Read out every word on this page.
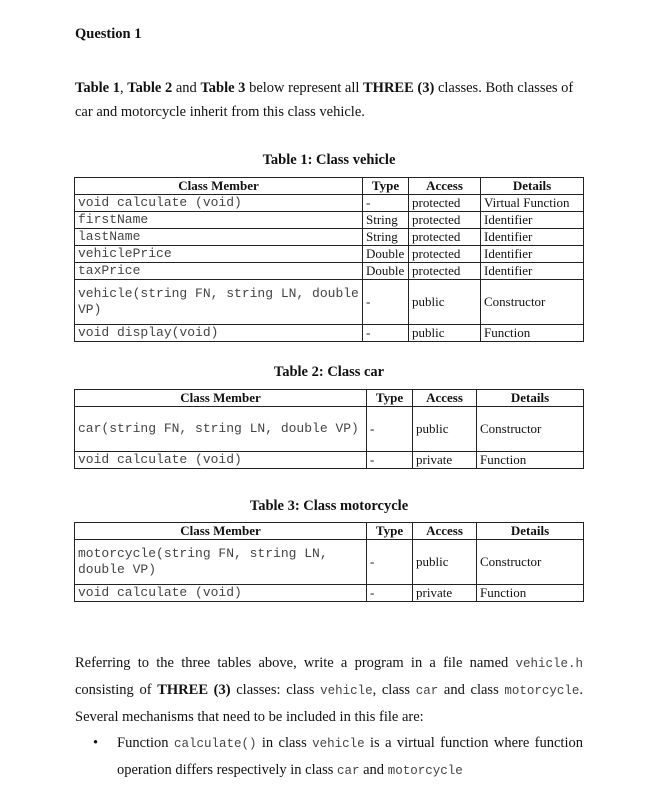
Question 1
Table 1, Table 2 and Table 3 below represent all THREE (3) classes. Both classes of car and motorcycle inherit from this class vehicle.
Table 1: Class vehicle
Class Member	Type	Access	Details
void calculate (void)	-	protected	Virtual Function
firstName	String	protected	Identifier
lastName	String	protected	Identifier
vehiclePrice	Double	protected	Identifier
taxPrice	Double	protected	Identifier
vehicle(string FN, string LN, double VP)	-	public	Constructor
void display(void)	-	public	Function
Table 2: Class car
Class Member	Type	Access	Details
car(string FN, string LN, double VP)	-	public	Constructor
void calculate (void)	-	private	Function
Table 3: Class motorcycle
Class Member	Type	Access	Details
motorcycle(string FN, string LN, double VP)	-	public	Constructor
void calculate (void)	-	private	Function
Referring to the three tables above, write a program in a file named vehicle.h consisting of THREE (3) classes: class vehicle, class car and class motorcycle. Several mechanisms that need to be included in this file are:
• Function calculate() in class vehicle is a virtual function where function operation differs respectively in class car and motorcycle
